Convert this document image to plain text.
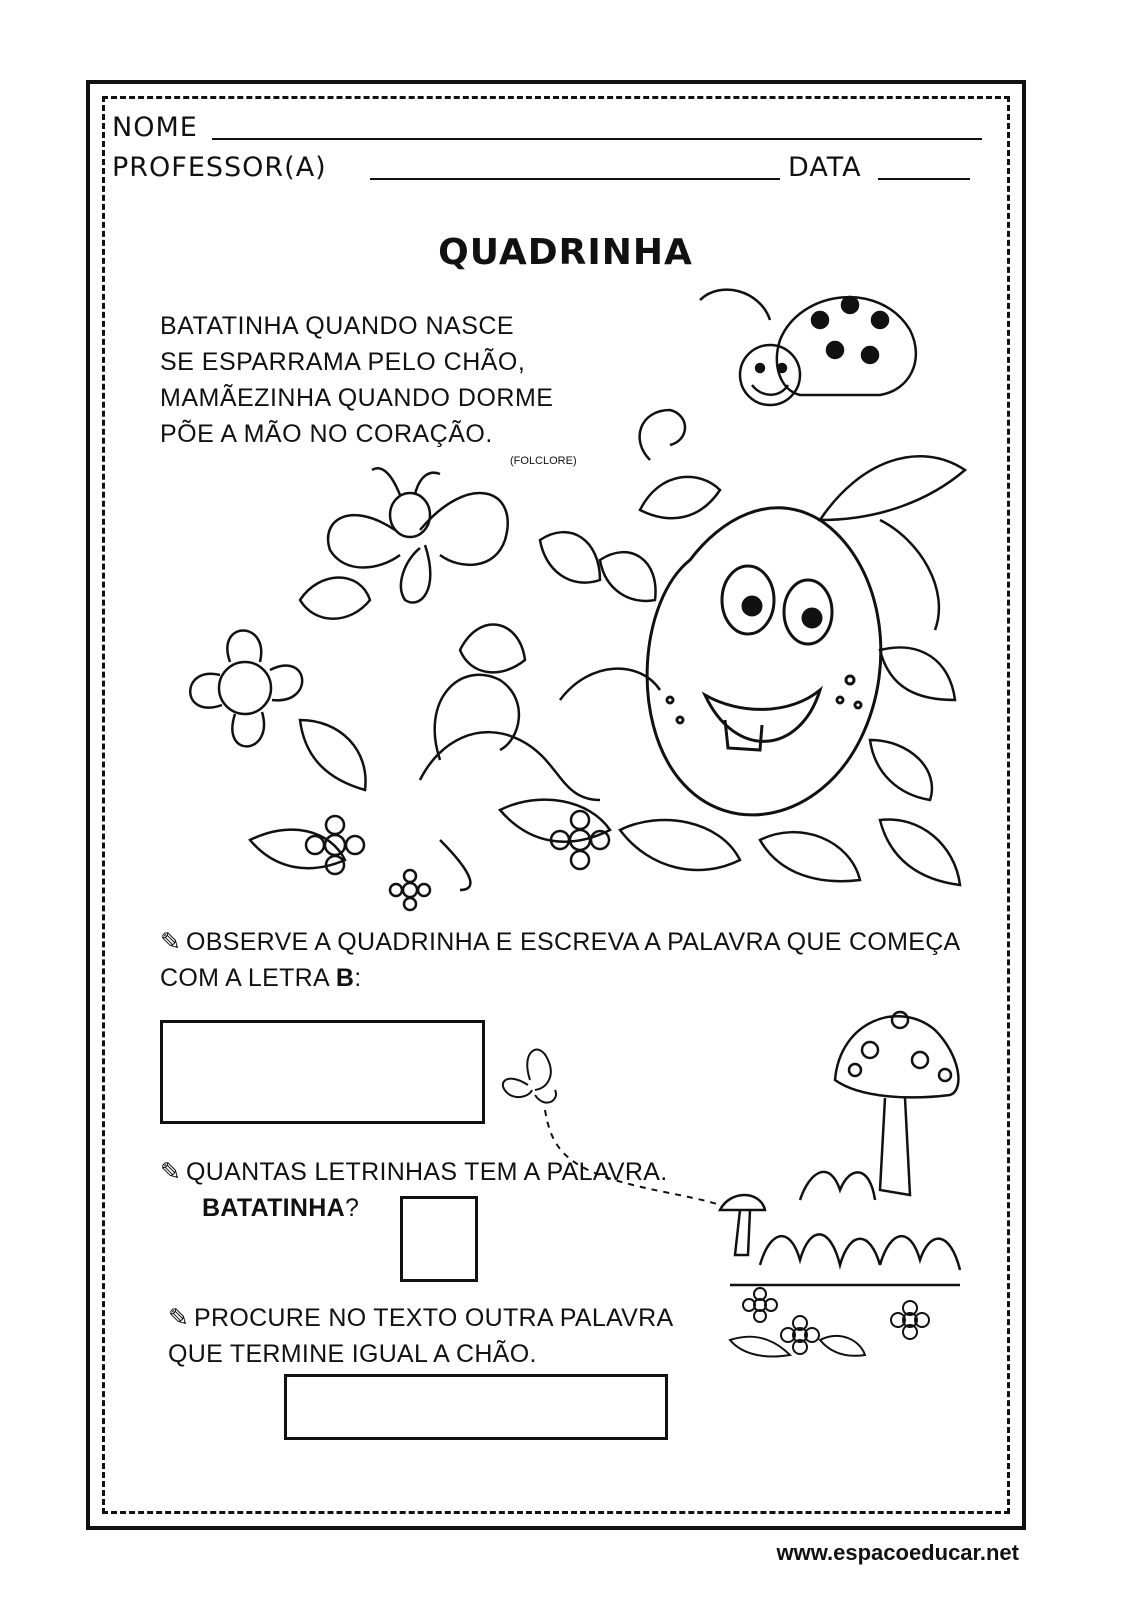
NOME
PROFESSOR(A)	DATA
QUADRINHA
BATATINHA QUANDO NASCE
SE ESPARRAMA PELO CHÃO,
MAMÃEZINHA QUANDO DORME
PÕE A MÃO NO CORAÇÃO.
(FOLCLORE)
✎ OBSERVE A QUADRINHA E ESCREVA A PALAVRA QUE COMEÇA
COM A LETRA B:
✎ QUANTAS LETRINHAS TEM A PALAVRA.
BATATINHA?
✎ PROCURE NO TEXTO OUTRA PALAVRA
QUE TERMINE IGUAL A CHÃO.
www.espacoeducar.net
